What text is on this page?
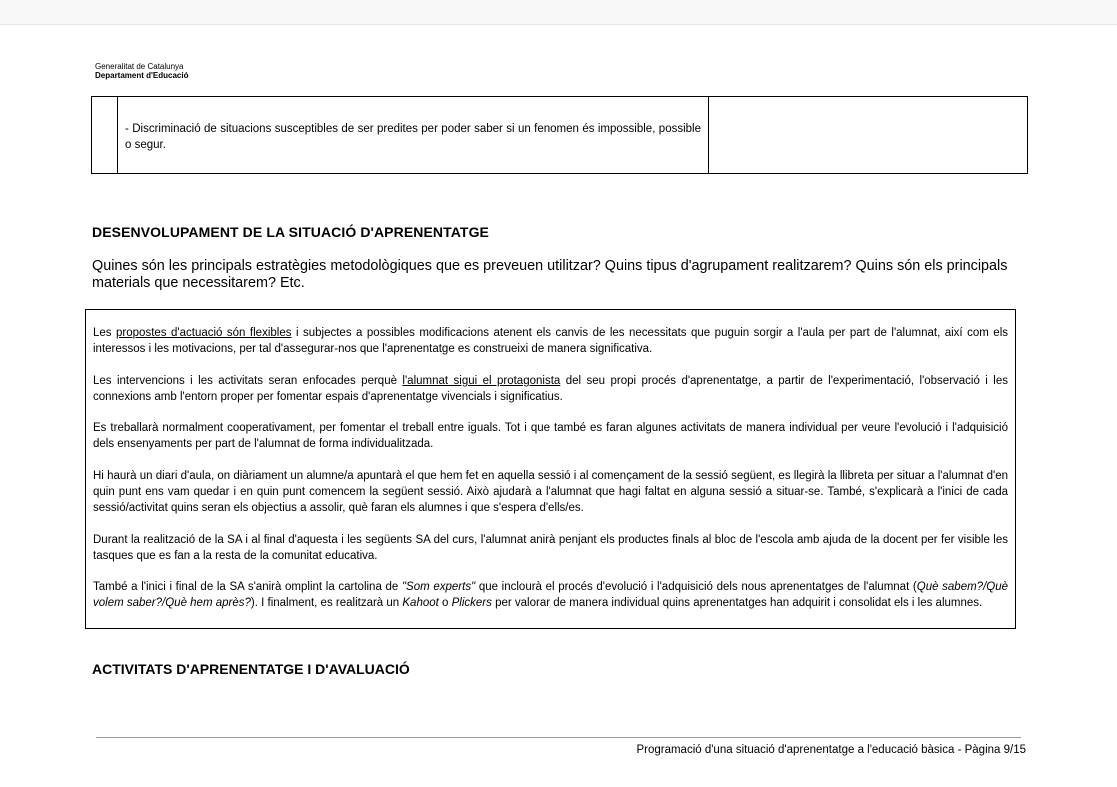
Generalitat de Catalunya
Departament d'Educació

- Discriminació de situacions susceptibles de ser predites per poder saber si un fenomen és impossible, possible o segur.

DESENVOLUPAMENT DE LA SITUACIÓ D'APRENENTATGE

Quines són les principals estratègies metodològiques que es preveuen utilitzar? Quins tipus d'agrupament realitzarem? Quins són els principals materials que necessitarem? Etc.

Les propostes d'actuació són flexibles i subjectes a possibles modificacions atenent els canvis de les necessitats que puguin sorgir a l'aula per part de l'alumnat, així com els interessos i les motivacions, per tal d'assegurar-nos que l'aprenentatge es construeixi de manera significativa.

Les intervencions i les activitats seran enfocades perquè l'alumnat sigui el protagonista del seu propi procés d'aprenentatge, a partir de l'experimentació, l'observació i les connexions amb l'entorn proper per fomentar espais d'aprenentatge vivencials i significatius.

Es treballarà normalment cooperativament, per fomentar el treball entre iguals. Tot i que també es faran algunes activitats de manera individual per veure l'evolució i l'adquisició dels ensenyaments per part de l'alumnat de forma individualitzada.

Hi haurà un diari d'aula, on diàriament un alumne/a apuntarà el que hem fet en aquella sessió i al començament de la sessió següent, es llegirà la llibreta per situar a l'alumnat d'en quin punt ens vam quedar i en quin punt comencem la següent sessió. Això ajudarà a l'alumnat que hagi faltat en alguna sessió a situar-se. També, s'explicarà a l'inici de cada sessió/activitat quins seran els objectius a assolir, què faran els alumnes i que s'espera d'ells/es.

Durant la realització de la SA i al final d'aquesta i les següents SA del curs, l'alumnat anirà penjant els productes finals al bloc de l'escola amb ajuda de la docent per fer visible les tasques que es fan a la resta de la comunitat educativa.

També a l'inici i final de la SA s'anirà omplint la cartolina de "Som experts" que inclourà el procés d'evolució i l'adquisició dels nous aprenentatges de l'alumnat (Què sabem?/Què volem saber?/Què hem après?). I finalment, es realitzarà un Kahoot o Plickers per valorar de manera individual quins aprenentatges han adquirit i consolidat els i les alumnes.

ACTIVITATS D'APRENENTATGE I D'AVALUACIÓ

Programació d'una situació d'aprenentatge a l'educació bàsica - Pàgina 9/15
